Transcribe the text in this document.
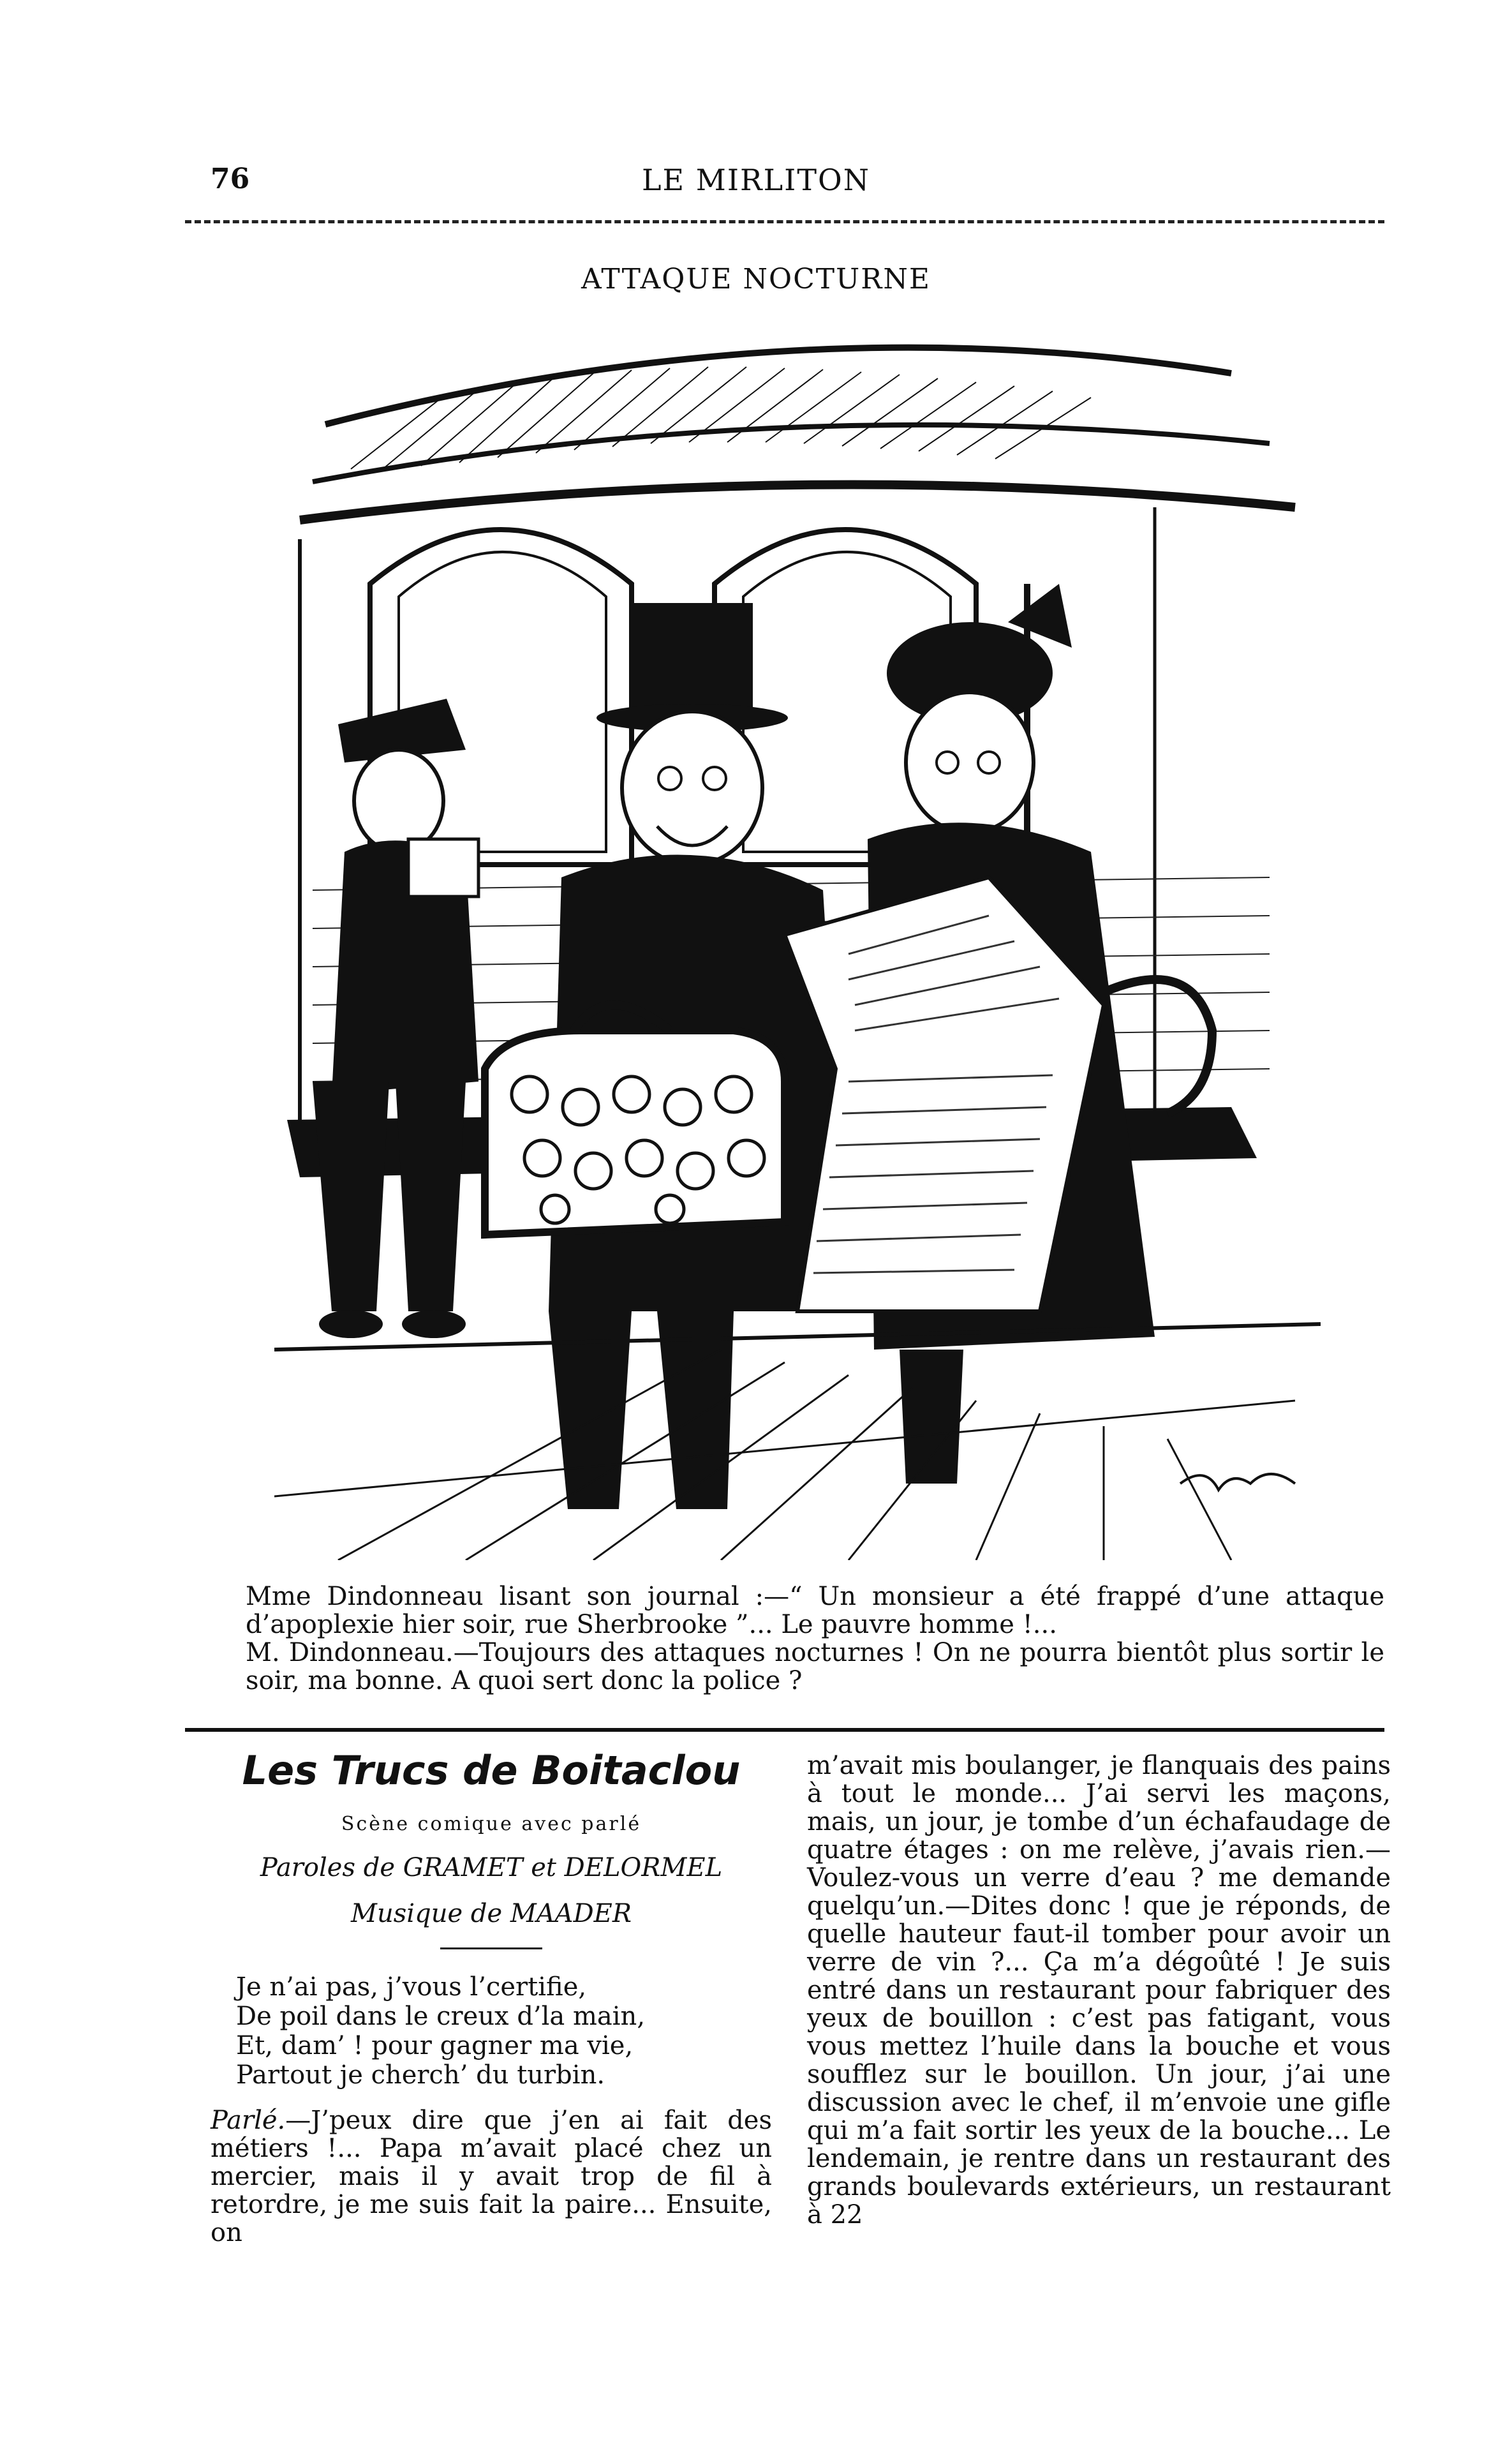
76	LE MIRLITON
ATTAQUE NOCTURNE

Mme Dindonneau lisant son journal :—“ Un monsieur a été frappé d’une attaque d’apoplexie hier soir, rue Sherbrooke ”... Le pauvre homme !...

M. Dindonneau.—Toujours des attaques nocturnes ! On ne pourra bientôt plus sortir le soir, ma bonne. A quoi sert donc la police ?

Les Trucs de Boitaclou
Scène comique avec parlé
Paroles de GRAMET et DELORMEL
Musique de MAADER
Je n’ai pas, j’vous l’certifie,
De poil dans le creux d’la main,
Et, dam’ ! pour gagner ma vie,
Partout je cherch’ du turbin.
Parlé.—J’peux dire que j’en ai fait des métiers !... Papa m’avait placé chez un mercier, mais il y avait trop de fil à retordre, je me suis fait la paire... Ensuite, on
m’avait mis boulanger, je flanquais des pains à tout le monde... J’ai servi les maçons, mais, un jour, je tombe d’un échafaudage de quatre étages : on me relève, j’avais rien.—Voulez-vous un verre d’eau ? me demande quelqu’un.—Dites donc ! que je réponds, de quelle hauteur faut-il tomber pour avoir un verre de vin ?... Ça m’a dégoûté ! Je suis entré dans un restaurant pour fabriquer des yeux de bouillon : c’est pas fatigant, vous vous mettez l’huile dans la bouche et vous soufflez sur le bouillon. Un jour, j’ai une discussion avec le chef, il m’envoie une gifle qui m’a fait sortir les yeux de la bouche... Le lendemain, je rentre dans un restaurant des grands boulevards extérieurs, un restaurant à 22
